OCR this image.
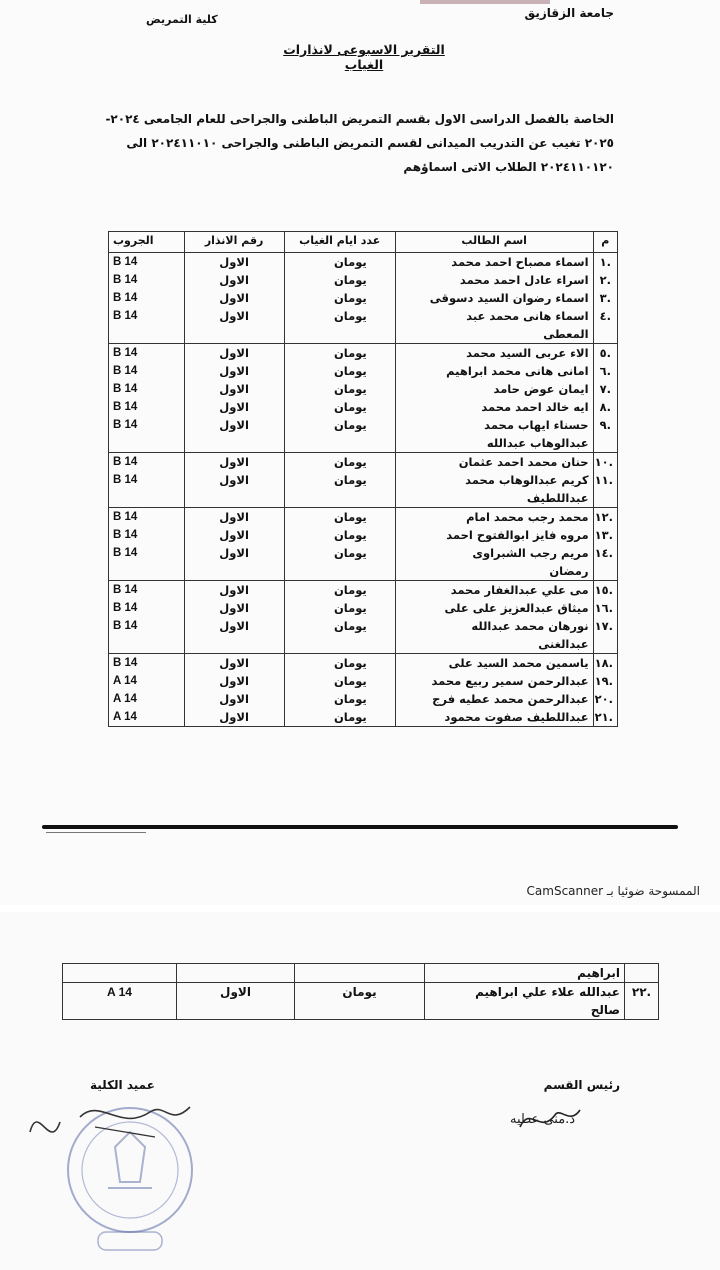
جامعة الزقازيق
كلية التمريض
التقرير الاسبوعى لانذارات الغياب
الخاصة بالفصل الدراسى الاول بقسم التمريض الباطنى والجراحى للعام الجامعى ٢٠٢٤-
٢٠٢٥ تغيب عن التدريب الميدانى لقسم التمريض الباطنى والجراحى ٢٠٢٤١١٠١٠ الى
٢٠٢٤١١٠١٢٠ الطلاب الاتى اسماؤهم
م	اسم الطالب	عدد ايام الغياب	رقم الانذار	الجروب
.١	اسماء مصباح احمد محمد	يومان	الاول	B 14
.٢	اسراء عادل احمد محمد	يومان	الاول	B 14
.٣	اسماء رضوان السيد دسوقى	يومان	الاول	B 14
.٤	اسماء هانى محمد عبد
المعطى	يومان	الاول	B 14
.٥	الاء عربى السيد محمد	يومان	الاول	B 14
.٦	امانى هانى محمد ابراهيم	يومان	الاول	B 14
.٧	ايمان عوض حامد	يومان	الاول	B 14
.٨	ايه خالد احمد محمد	يومان	الاول	B 14
.٩	حسناء ايهاب محمد
عبدالوهاب عبدالله	يومان	الاول	B 14
.١٠	حنان محمد احمد عثمان	يومان	الاول	B 14
.١١	كريم عبدالوهاب محمد
عبداللطيف	يومان	الاول	B 14
.١٢	محمد رجب محمد امام	يومان	الاول	B 14
.١٣	مروه فايز ابوالفتوح احمد	يومان	الاول	B 14
.١٤	مريم رجب الشبراوى
رمضان	يومان	الاول	B 14
.١٥	مى علي عبدالغفار محمد	يومان	الاول	B 14
.١٦	ميثاق عبدالعزيز على على	يومان	الاول	B 14
.١٧	نورهان محمد عبدالله
عبدالغنى	يومان	الاول	B 14
.١٨	ياسمين محمد السيد على	يومان	الاول	B 14
.١٩	عبدالرحمن سمير ربيع محمد	يومان	الاول	A 14
.٢٠	عبدالرحمن محمد عطيه فرج	يومان	الاول	A 14
.٢١	عبداللطيف صفوت محمود	يومان	الاول	A 14
الممسوحة ضوئيا بـ CamScanner
	ابراهيم			
.٢٢	عبدالله علاء علي ابراهيم
صالح	يومان	الاول	A 14
عميد الكلية	رئيس القسم
د.منى عطيه
